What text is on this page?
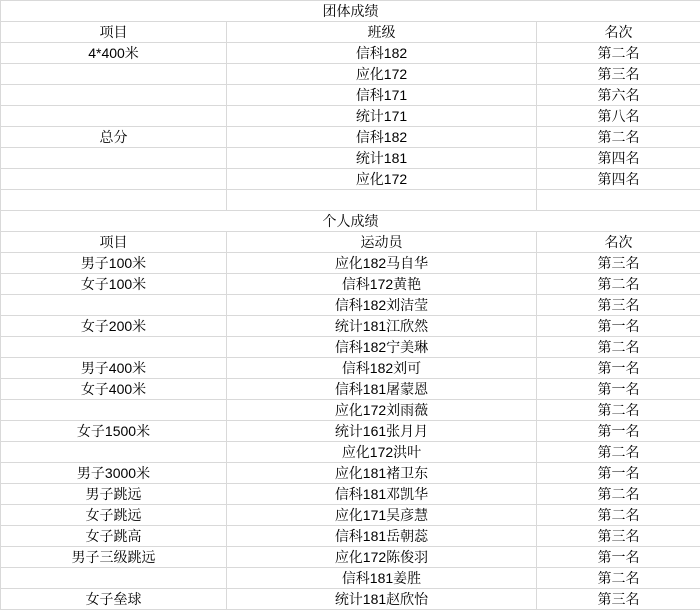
团体成绩		
项目	班级	名次
4*400米	信科182	第二名
	应化172	第三名
	信科171	第六名
	统计171	第八名
总分	信科182	第二名
	统计181	第四名
	应化172	第四名

个人成绩		
项目	运动员	名次
男子100米	应化182马自华	第三名
女子100米	信科172黄艳	第二名
	信科182刘洁莹	第三名
女子200米	统计181江欣然	第一名
	信科182宁美琳	第二名
男子400米	信科182刘可	第一名
女子400米	信科181屠蒙恩	第一名
	应化172刘雨薇	第二名
女子1500米	统计161张月月	第一名
	应化172洪叶	第二名
男子3000米	应化181褚卫东	第一名
男子跳远	信科181邓凯华	第二名
女子跳远	应化171吴彦慧	第二名
女子跳高	信科181岳朝蕊	第三名
男子三级跳远	应化172陈俊羽	第一名
	信科181姜胜	第二名
女子垒球	统计181赵欣怡	第三名
